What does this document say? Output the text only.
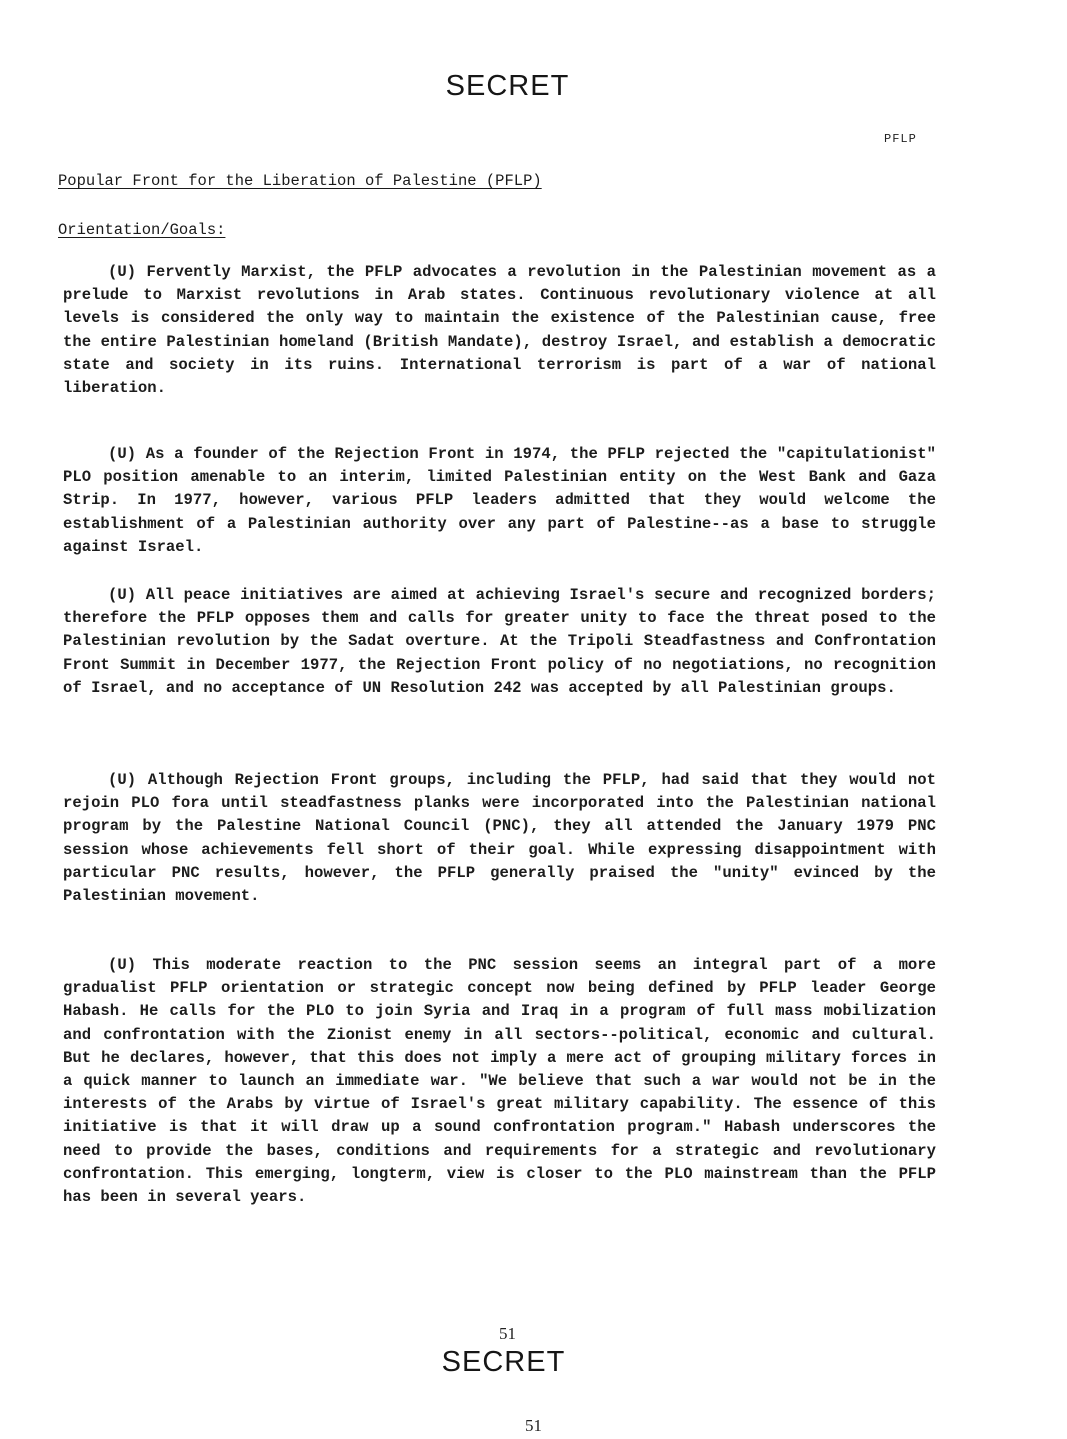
SECRET
PFLP
Popular Front for the Liberation of Palestine (PFLP)
Orientation/Goals:

(U) Fervently Marxist, the PFLP advocates a revolution in the Palestinian movement as a prelude to Marxist revolutions in Arab states. Continuous revolutionary violence at all levels is considered the only way to maintain the existence of the Palestinian cause, free the entire Palestinian homeland (British Mandate), destroy Israel, and establish a democratic state and society in its ruins. International terrorism is part of a war of national liberation.

(U) As a founder of the Rejection Front in 1974, the PFLP rejected the "capitulationist" PLO position amenable to an interim, limited Palestinian entity on the West Bank and Gaza Strip. In 1977, however, various PFLP leaders admitted that they would welcome the establishment of a Palestinian authority over any part of Palestine--as a base to struggle against Israel.

(U) All peace initiatives are aimed at achieving Israel's secure and recognized borders; therefore the PFLP opposes them and calls for greater unity to face the threat posed to the Palestinian revolution by the Sadat overture. At the Tripoli Steadfastness and Confrontation Front Summit in December 1977, the Rejection Front policy of no negotiations, no recognition of Israel, and no acceptance of UN Resolution 242 was accepted by all Palestinian groups.

(U) Although Rejection Front groups, including the PFLP, had said that they would not rejoin PLO fora until steadfastness planks were incorporated into the Palestinian national program by the Palestine National Council (PNC), they all attended the January 1979 PNC session whose achievements fell short of their goal. While expressing disappointment with particular PNC results, however, the PFLP generally praised the "unity" evinced by the Palestinian movement.

(U) This moderate reaction to the PNC session seems an integral part of a more gradualist PFLP orientation or strategic concept now being defined by PFLP leader George Habash. He calls for the PLO to join Syria and Iraq in a program of full mass mobilization and confrontation with the Zionist enemy in all sectors--political, economic and cultural. But he declares, however, that this does not imply a mere act of grouping military forces in a quick manner to launch an immediate war. "We believe that such a war would not be in the interests of the Arabs by virtue of Israel's great military capability. The essence of this initiative is that it will draw up a sound confrontation program." Habash underscores the need to provide the bases, conditions and requirements for a strategic and revolutionary confrontation. This emerging, longterm, view is closer to the PLO mainstream than the PFLP has been in several years.

51
SECRET
51
